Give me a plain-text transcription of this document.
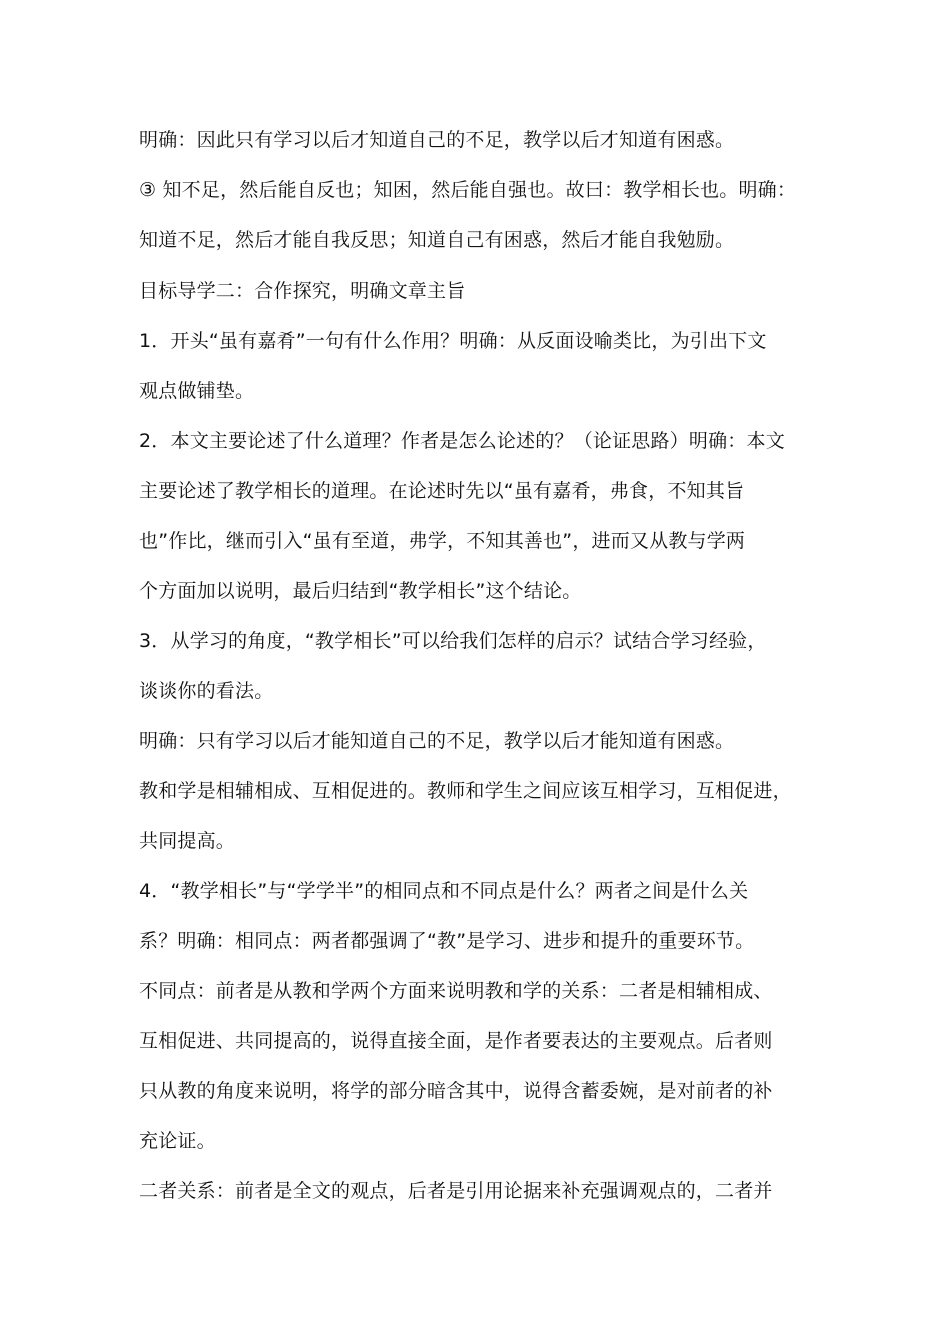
明确：因此只有学习以后才知道自己的不足，教学以后才知道有困惑。
③ 知不足，然后能自反也；知困，然后能自强也。故曰：教学相长也。明确：
知道不足，然后才能自我反思；知道自己有困惑，然后才能自我勉励。
目标导学二：合作探究，明确文章主旨
1．开头“虽有嘉肴”一句有什么作用？明确：从反面设喻类比，为引出下文
观点做铺垫。
2．本文主要论述了什么道理？作者是怎么论述的？（论证思路）明确：本文
主要论述了教学相长的道理。在论述时先以“虽有嘉肴，弗食，不知其旨
也”作比，继而引入“虽有至道，弗学，不知其善也”，进而又从教与学两
个方面加以说明，最后归结到“教学相长”这个结论。
3．从学习的角度，“教学相长”可以给我们怎样的启示？试结合学习经验，
谈谈你的看法。
明确：只有学习以后才能知道自己的不足，教学以后才能知道有困惑。
教和学是相辅相成、互相促进的。教师和学生之间应该互相学习，互相促进，
共同提高。
4．“教学相长”与“学学半”的相同点和不同点是什么？两者之间是什么关
系？明确：相同点：两者都强调了“教”是学习、进步和提升的重要环节。
不同点：前者是从教和学两个方面来说明教和学的关系：二者是相辅相成、
互相促进、共同提高的，说得直接全面，是作者要表达的主要观点。后者则
只从教的角度来说明，将学的部分暗含其中，说得含蓄委婉，是对前者的补
充论证。
二者关系：前者是全文的观点，后者是引用论据来补充强调观点的，二者并
